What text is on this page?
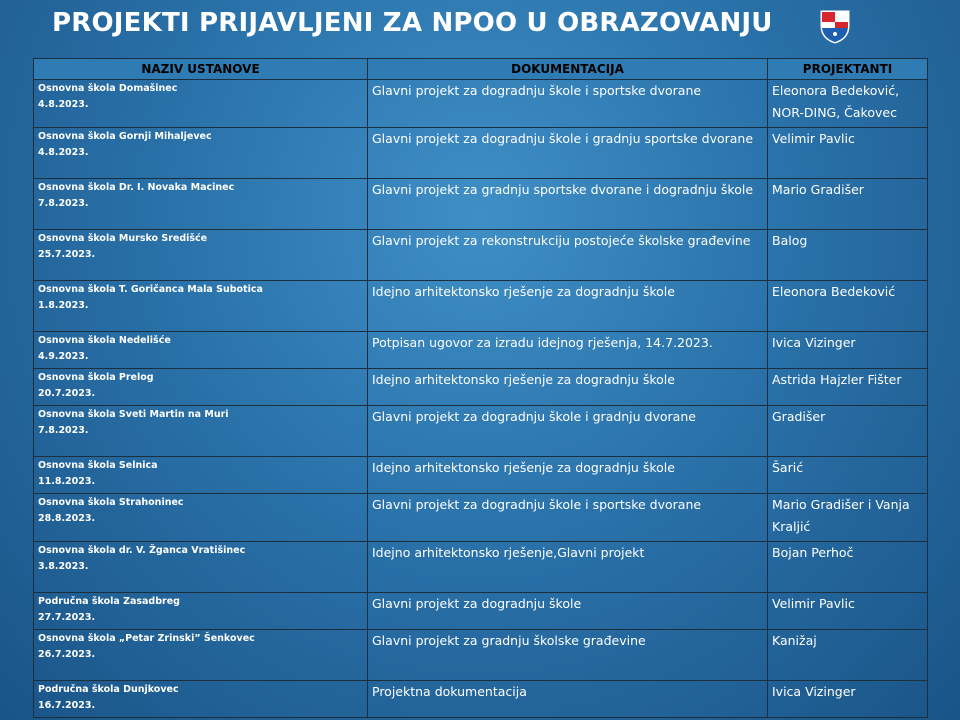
PROJEKTI PRIJAVLJENI ZA NPOO U OBRAZOVANJU
NAZIV USTANOVE	DOKUMENTACIJA	PROJEKTANTI

Osnovna škola Domašinec
4.8.2023.	Glavni projekt za dogradnju škole i sportske dvorane	Eleonora Bedeković, NOR-DING, Čakovec

Osnovna škola Gornji Mihaljevec
4.8.2023.	Glavni projekt za dogradnju škole i gradnju sportske dvorane	Velimir Pavlic

Osnovna škola Dr. I. Novaka Macinec
7.8.2023.	Glavni projekt za gradnju sportske dvorane i dogradnju škole	Mario Gradišer

Osnovna škola Mursko Središće
25.7.2023.	Glavni projekt za rekonstrukciju postojeće školske građevine	Balog

Osnovna škola T. Goričanca Mala Subotica
1.8.2023.	Idejno arhitektonsko rješenje za dogradnju škole	Eleonora Bedeković

Osnovna škola Nedelišće
4.9.2023.	Potpisan ugovor za izradu idejnog rješenja, 14.7.2023.	Ivica Vizinger

Osnovna škola Prelog
20.7.2023.	Idejno arhitektonsko rješenje za dogradnju škole	Astrida Hajzler Fišter

Osnovna škola Sveti Martin na Muri
7.8.2023.	Glavni projekt za dogradnju škole i gradnju dvorane	Gradišer

Osnovna škola Selnica
11.8.2023.	Idejno arhitektonsko rješenje za dogradnju škole	Šarić

Osnovna škola Strahoninec
28.8.2023.	Glavni projekt za dogradnju škole i sportske dvorane	Mario Gradišer i Vanja Kraljić

Osnovna škola dr. V. Žganca Vratišinec
3.8.2023.	Idejno arhitektonsko rješenje,Glavni projekt	Bojan Perhoč

Područna škola Zasadbreg
27.7.2023.	Glavni projekt za dogradnju škole	Velimir Pavlic

Osnovna škola „Petar Zrinski” Šenkovec
26.7.2023.	Glavni projekt za gradnju školske građevine	Kanižaj

Područna škola Dunjkovec
16.7.2023.	Projektna dokumentacija	Ivica Vizinger
